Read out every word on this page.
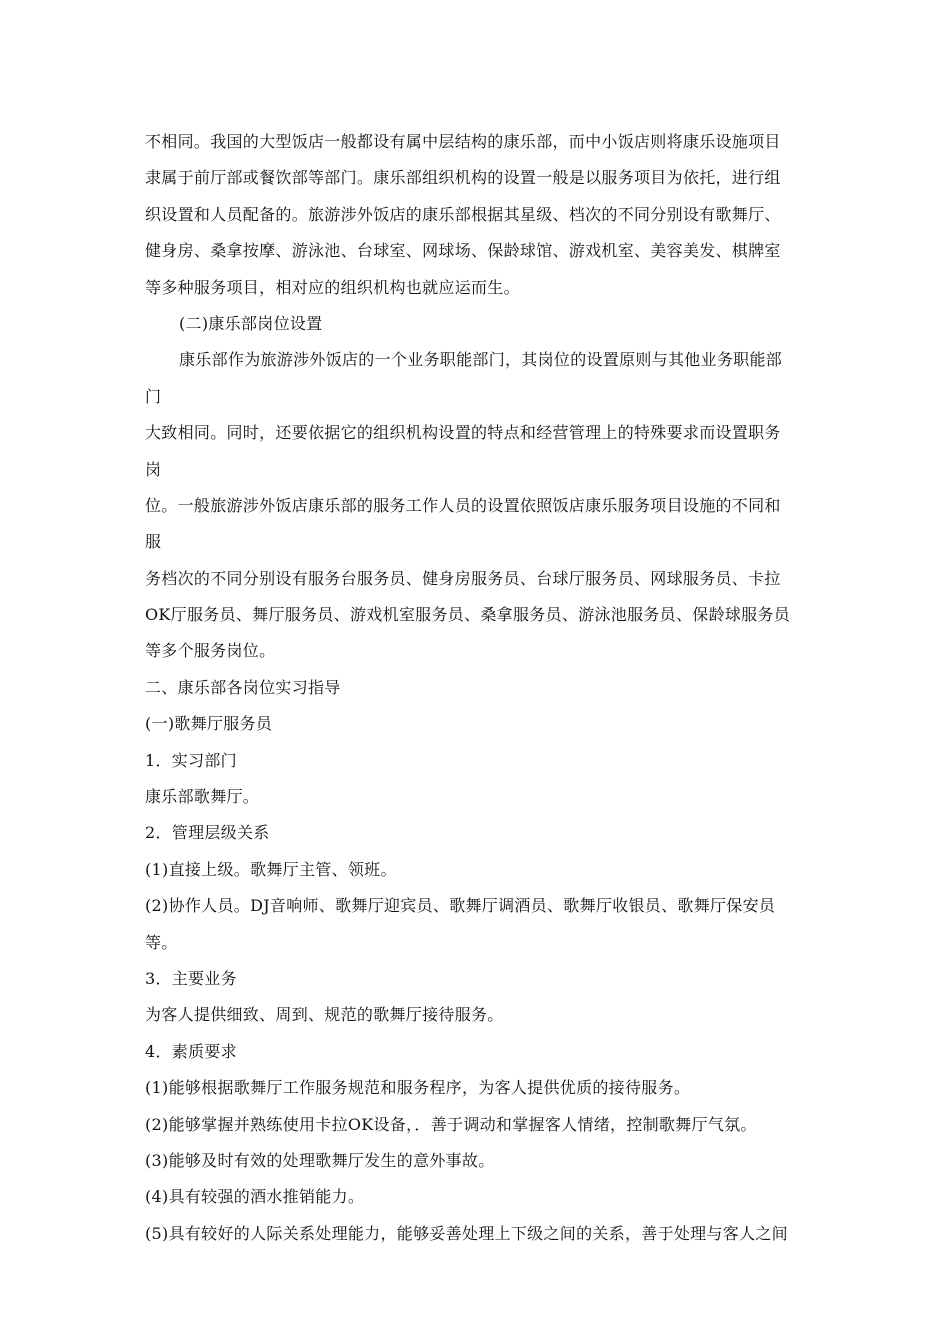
不相同。我国的大型饭店一般都设有属中层结构的康乐部，而中小饭店则将康乐设施项目
隶属于前厅部或餐饮部等部门。康乐部组织机构的设置一般是以服务项目为依托，进行组
织设置和人员配备的。旅游涉外饭店的康乐部根据其星级、档次的不同分别设有歌舞厅、
健身房、桑拿按摩、游泳池、台球室、网球场、保龄球馆、游戏机室、美容美发、棋牌室
等多种服务项目，相对应的组织机构也就应运而生。
(二)康乐部岗位设置
康乐部作为旅游涉外饭店的一个业务职能部门，其岗位的设置原则与其他业务职能部
门
大致相同。同时，还要依据它的组织机构设置的特点和经营管理上的特殊要求而设置职务
岗
位。一般旅游涉外饭店康乐部的服务工作人员的设置依照饭店康乐服务项目设施的不同和
服
务档次的不同分别设有服务台服务员、健身房服务员、台球厅服务员、网球服务员、卡拉
OK厅服务员、舞厅服务员、游戏机室服务员、桑拿服务员、游泳池服务员、保龄球服务员
等多个服务岗位。
二、康乐部各岗位实习指导
(一)歌舞厅服务员
1．实习部门
康乐部歌舞厅。
2．管理层级关系
(1)直接上级。歌舞厅主管、领班。
(2)协作人员。DJ音响师、歌舞厅迎宾员、歌舞厅调酒员、歌舞厅收银员、歌舞厅保安员
等。
3．主要业务
为客人提供细致、周到、规范的歌舞厅接待服务。
4．素质要求
(1)能够根据歌舞厅工作服务规范和服务程序，为客人提供优质的接待服务。
(2)能够掌握并熟练使用卡拉OK设备，．善于调动和掌握客人情绪，控制歌舞厅气氛。
(3)能够及时有效的处理歌舞厅发生的意外事故。
(4)具有较强的酒水推销能力。
(5)具有较好的人际关系处理能力，能够妥善处理上下级之间的关系，善于处理与客人之间
